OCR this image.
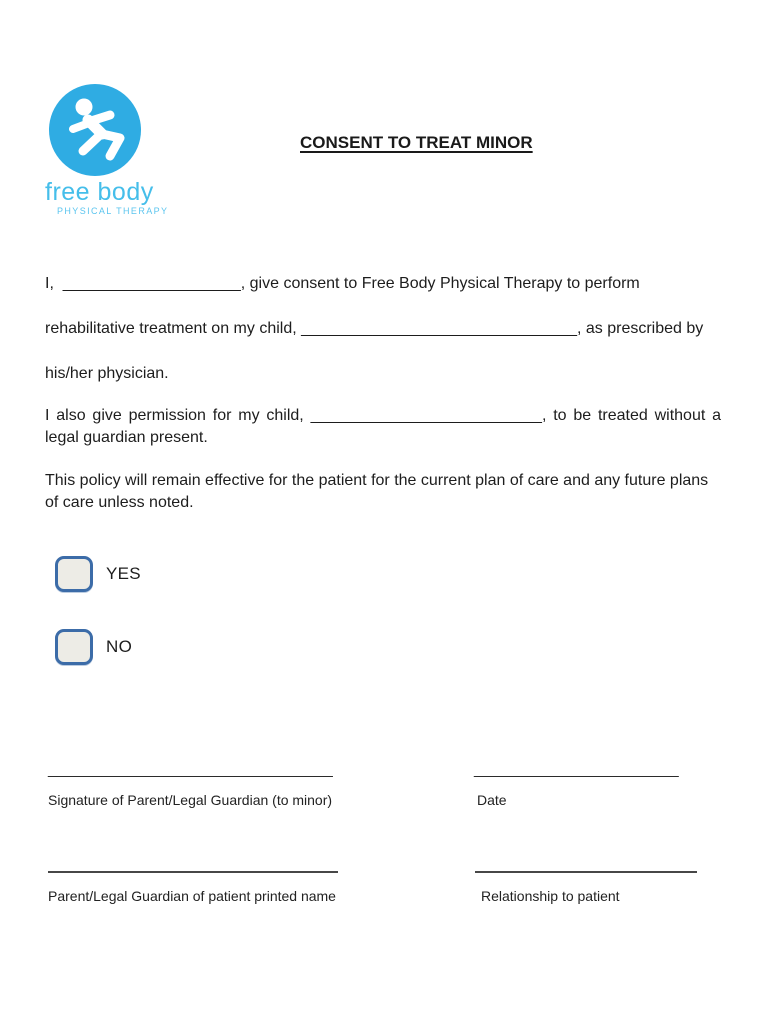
free body
PHYSICAL THERAPY
CONSENT TO TREAT MINOR

I,  ____________________, give consent to Free Body Physical Therapy to perform rehabilitative treatment on my child, _______________________________, as prescribed by his/her physician.

I also give permission for my child, __________________________, to be treated without a legal guardian present.

This policy will remain effective for the patient for the current plan of care and any future plans of care unless noted.

YES
NO
________________________________	_______________________
Signature of Parent/Legal Guardian (to minor)	Date
Parent/Legal Guardian of patient printed name	Relationship to patient
